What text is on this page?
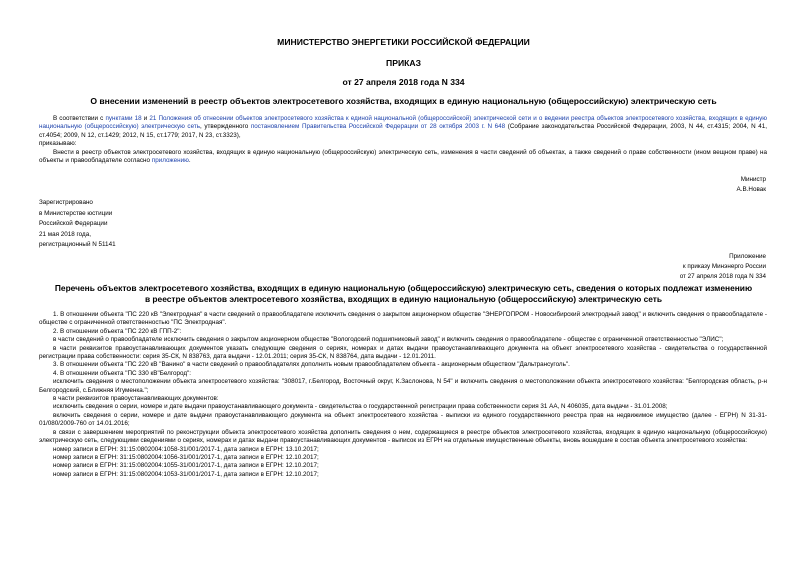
МИНИСТЕРСТВО ЭНЕРГЕТИКИ РОССИЙСКОЙ ФЕДЕРАЦИИ
ПРИКАЗ
от 27 апреля 2018 года N 334
О внесении изменений в реестр объектов электросетевого хозяйства, входящих в единую национальную (общероссийскую) электрическую сеть

В соответствии с пунктами 18 и 21 Положения об отнесении объектов электросетевого хозяйства к единой национальной (общероссийской) электрической сети и о ведении реестра объектов электросетевого хозяйства, входящих в единую национальную (общероссийскую) электрическую сеть, утвержденного постановлением Правительства Российской Федерации от 28 октября 2003 г. N 648 (Собрание законодательства Российской Федерации, 2003, N 44, ст.4315; 2004, N 41, ст.4054; 2009, N 12, ст.1429; 2012, N 15, ст.1779; 2017, N 23, ст.3323),

приказываю:

Внести в реестр объектов электросетевого хозяйства, входящих в единую национальную (общероссийскую) электрическую сеть, изменения в части сведений об объектах, а также сведений о праве собственности (ином вещном праве) на объекты и правообладателе согласно приложению.

Министр
А.В.Новак
Зарегистрировано
в Министерстве юстиции
Российской Федерации
21 мая 2018 года,
регистрационный N 51141
Приложение
к приказу Минэнерго России
от 27 апреля 2018 года N 334
Перечень объектов электросетевого хозяйства, входящих в единую национальную (общероссийскую) электрическую сеть, сведения о которых подлежат изменению в реестре объектов электросетевого хозяйства, входящих в единую национальную (общероссийскую) электрическую сеть

1. В отношении объекта "ПС 220 кВ "Электродная" в части сведений о правообладателе исключить сведения о закрытом акционерном обществе "ЭНЕРГОПРОМ - Новосибирский электродный завод" и включить сведения о правообладателе - обществе с ограниченной ответственностью "ПС Электродная".

2. В отношении объекта "ПС 220 кВ ГПП-2":

в части сведений о правообладателе исключить сведения о закрытом акционерном обществе "Вологодский подшипниковый завод" и включить сведения о правообладателе - обществе с ограниченной ответственностью "ЭЛИС";

в части реквизитов правоустанавливающих документов указать следующие сведения о сериях, номерах и датах выдачи правоустанавливающего документа на объект электросетевого хозяйства - свидетельства о государственной регистрации права собственности: серия 35-СК, N 838763, дата выдачи - 12.01.2011; серия 35-СК, N 838764, дата выдачи - 12.01.2011.

3. В отношении объекта "ПС 220 кВ "Ванино" в части сведений о правообладателях дополнить новым правообладателем объекта - акционерным обществом "Дальтрансуголь".

4. В отношении объекта "ПС 330 кВ"Белгород":

исключить сведения о местоположении объекта электросетевого хозяйства: "308017, г.Белгород, Восточный округ, К.Заслонова, N 54" и включить сведения о местоположении объекта электросетевого хозяйства: "Белгородская область, р-н Белгородский, с.Ближняя Игуменка.";

в части реквизитов правоустанавливающих документов:

исключить сведения о серии, номере и дате выдачи правоустанавливающего документа - свидетельства о государственной регистрации права собственности серия 31 АА, N 406035, дата выдачи - 31.01.2008;

включить сведения о серии, номере и дате выдачи правоустанавливающего документа на объект электросетевого хозяйства - выписки из единого государственного реестра прав на недвижимое имущество (далее - ЕГРН) N 31-31-01/080/2009-760 от 14.01.2016;

в связи с завершением мероприятий по реконструкции объекта электросетевого хозяйства дополнить сведения о нем, содержащиеся в реестре объектов электросетевого хозяйства, входящих в единую национальную (общероссийскую) электрическую сеть, следующими сведениями о сериях, номерах и датах выдачи правоустанавливающих документов - выписок из ЕГРН на отдельные имущественные объекты, вновь вошедшие в состав объекта электросетевого хозяйства:

номер записи в ЕГРН: 31:15:0802004:1058-31/001/2017-1, дата записи в ЕГРН: 13.10.2017;

номер записи в ЕГРН: 31:15:0802004:1056-31/001/2017-1, дата записи в ЕГРН: 12.10.2017;

номер записи в ЕГРН: 31:15:0802004:1055-31/001/2017-1, дата записи в ЕГРН: 12.10.2017;

номер записи в ЕГРН: 31:15:0802004:1053-31/001/2017-1, дата записи в ЕГРН: 12.10.2017;
